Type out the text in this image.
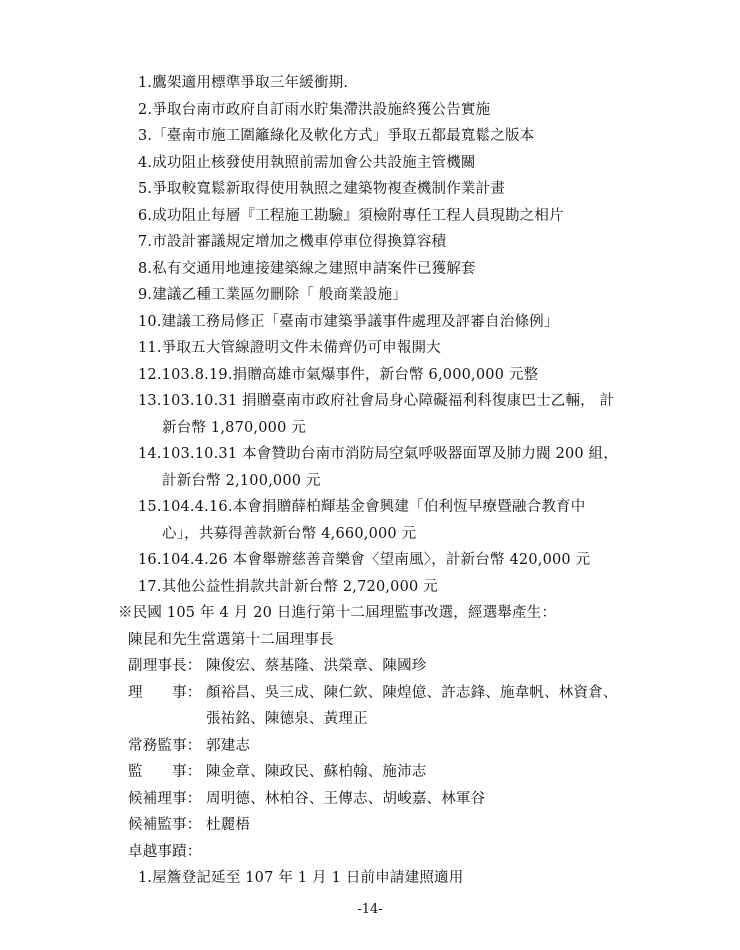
1.鷹架適用標準爭取三年緩衝期.
2.爭取台南市政府自訂雨水貯集滯洪設施終獲公告實施
3.「臺南市施工圍籬綠化及軟化方式」爭取五都最寬鬆之版本
4.成功阻止核發使用執照前需加會公共設施主管機關
5.爭取較寬鬆新取得使用執照之建築物複查機制作業計畫
6.成功阻止每層『工程施工勘驗』須檢附專任工程人員現勘之相片
7.市設計審議規定增加之機車停車位得換算容積
8.私有交通用地連接建築線之建照申請案件已獲解套
9.建議乙種工業區勿刪除「 般商業設施」
10.建議工務局修正「臺南市建築爭議事件處理及評審自治條例」
11.爭取五大管線證明文件未備齊仍可申報開大
12.103.8.19.捐贈高雄市氣爆事件，新台幣 6,000,000 元整
13.103.10.31 捐贈臺南市政府社會局身心障礙福利科復康巴士乙輛， 計
新台幣 1,870,000 元
14.103.10.31 本會贊助台南市消防局空氣呼吸器面罩及肺力閥 200 組，
計新台幣 2,100,000 元
15.104.4.16.本會捐贈薛柏輝基金會興建「伯利恆早療暨融合教育中
心」，共募得善款新台幣 4,660,000 元
16.104.4.26 本會舉辦慈善音樂會〈望南風〉，計新台幣 420,000 元
17.其他公益性捐款共計新台幣 2,720,000 元
※民國 105 年 4 月 20 日進行第十二屆理監事改選，經選舉產生：
陳昆和先生當選第十二屆理事長
副理事長： 陳俊宏、蔡基隆、洪榮章、陳國珍
理　　事： 顏裕昌、吳三成、陳仁欽、陳煌億、許志鋒、施韋帆、林資倉、
張祐銘、陳德泉、黃理正
常務監事： 郭建志
監　　事： 陳金章、陳政民、蘇柏翰、施沛志
候補理事： 周明德、林柏谷、王傳志、胡峻嘉、林軍谷
候補監事： 杜麗梧
卓越事蹟：
1.屋簷登記延至 107 年 1 月 1 日前申請建照適用
-14-
